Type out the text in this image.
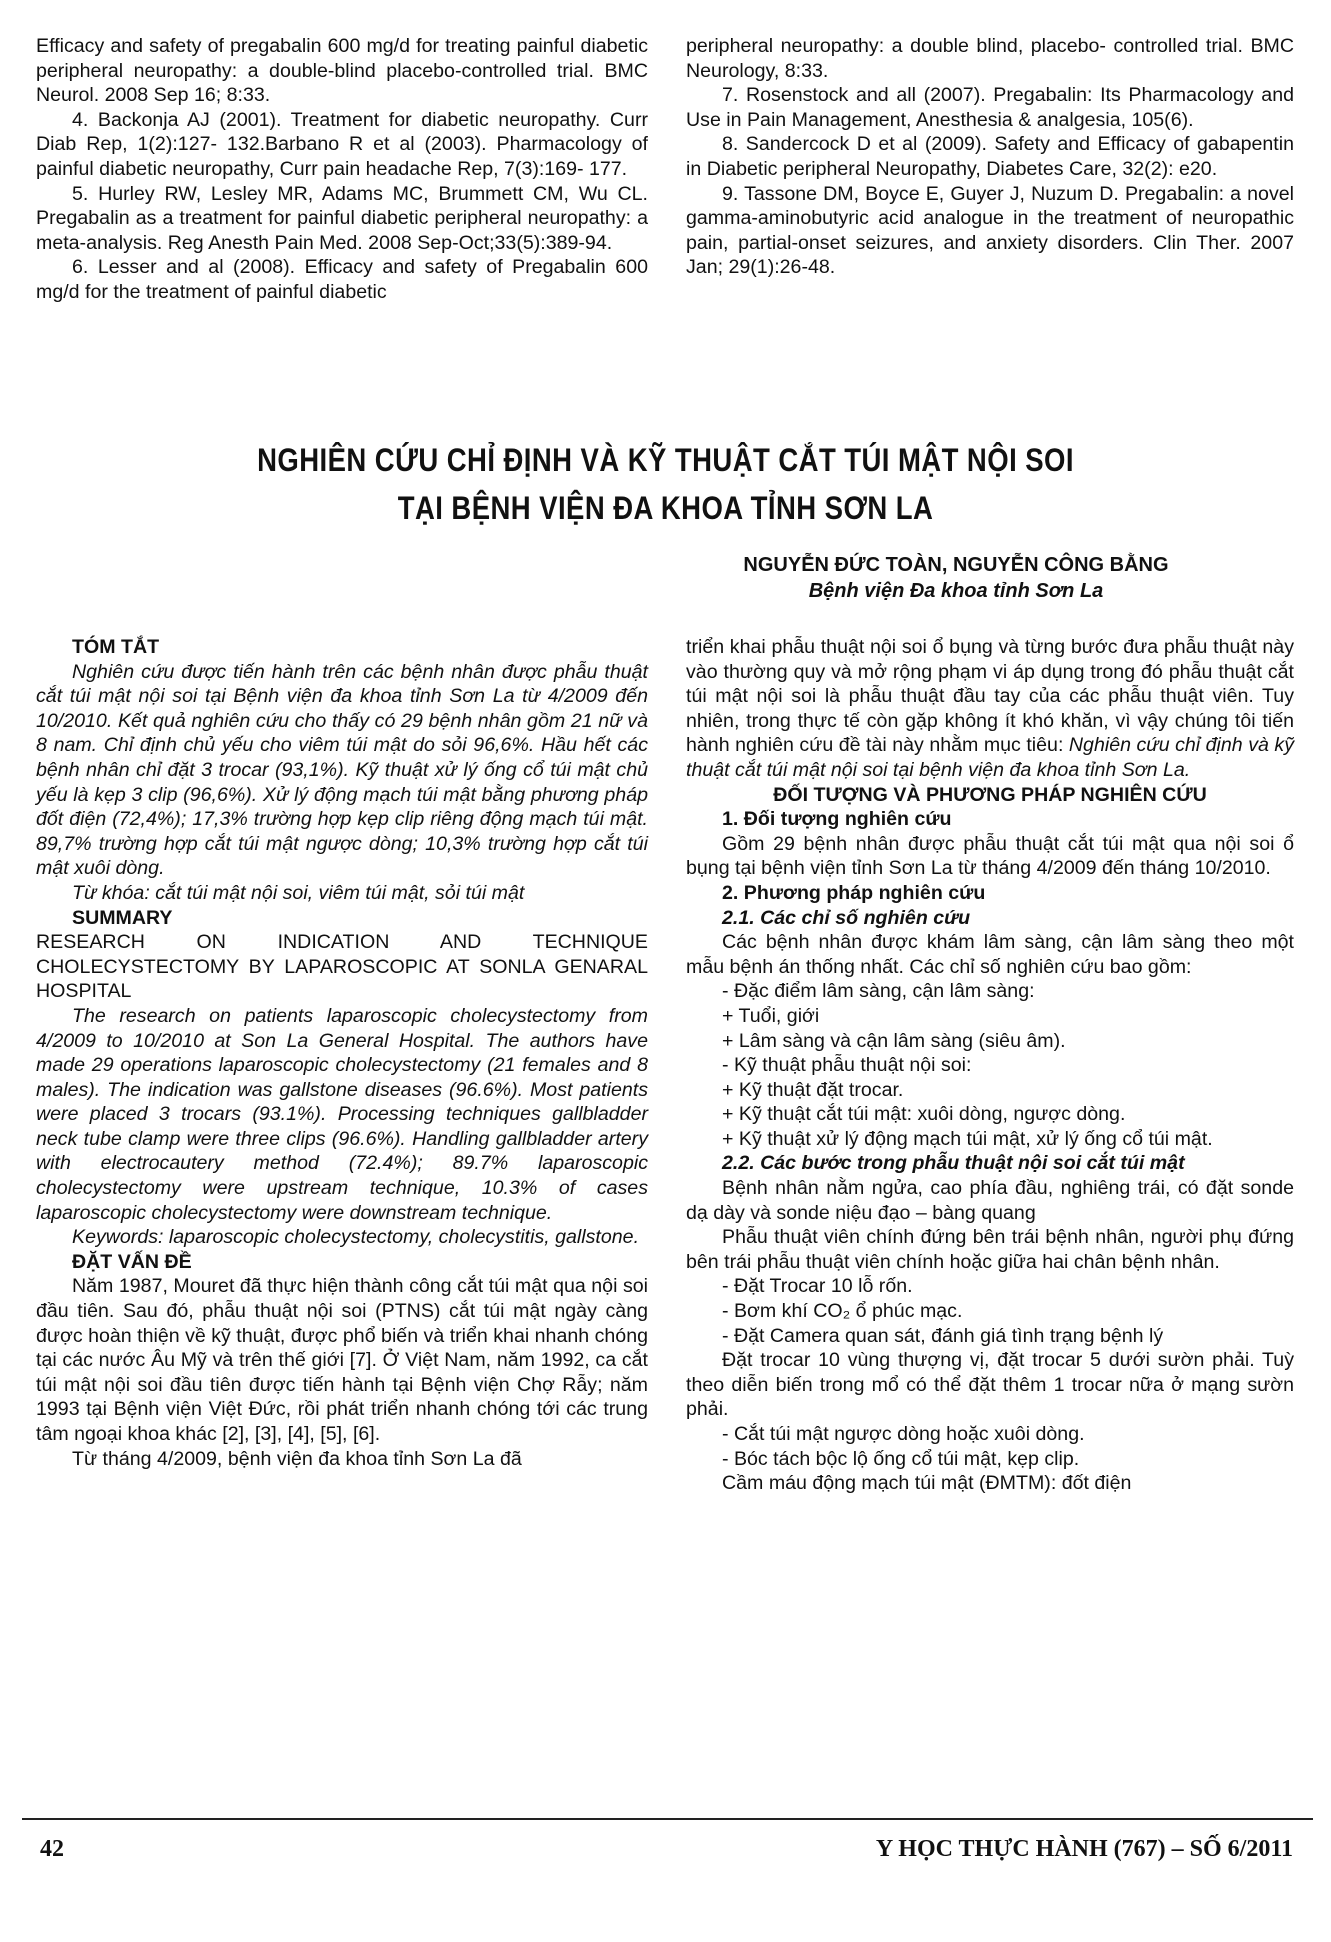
Efficacy and safety of pregabalin 600 mg/d for treating painful diabetic peripheral neuropathy: a double-blind placebo-controlled trial. BMC Neurol. 2008 Sep 16; 8:33.

4. Backonja AJ (2001). Treatment for diabetic neuropathy. Curr Diab Rep, 1(2):127- 132.Barbano R et al (2003). Pharmacology of painful diabetic neuropathy, Curr pain headache Rep, 7(3):169- 177.

5. Hurley RW, Lesley MR, Adams MC, Brummett CM, Wu CL. Pregabalin as a treatment for painful diabetic peripheral neuropathy: a meta-analysis. Reg Anesth Pain Med. 2008 Sep-Oct;33(5):389-94.

6. Lesser and al (2008). Efficacy and safety of Pregabalin 600 mg/d for the treatment of painful diabetic

peripheral neuropathy: a double blind, placebo- controlled trial. BMC Neurology, 8:33.

7. Rosenstock and all (2007). Pregabalin: Its Pharmacology and Use in Pain Management, Anesthesia & analgesia, 105(6).

8. Sandercock D et al (2009). Safety and Efficacy of gabapentin in Diabetic peripheral Neuropathy, Diabetes Care, 32(2): e20.

9. Tassone DM, Boyce E, Guyer J, Nuzum D. Pregabalin: a novel gamma-aminobutyric acid analogue in the treatment of neuropathic pain, partial-onset seizures, and anxiety disorders. Clin Ther. 2007 Jan; 29(1):26-48.

NGHIÊN CỨU CHỈ ĐỊNH VÀ KỸ THUẬT CẮT TÚI MẬT NỘI SOI
TẠI BỆNH VIỆN ĐA KHOA TỈNH SƠN LA
NGUYỄN ĐỨC TOÀN, NGUYỄN CÔNG BẰNG
Bệnh viện Đa khoa tỉnh Sơn La

TÓM TẮT

Nghiên cứu được tiến hành trên các bệnh nhân được phẫu thuật cắt túi mật nội soi tại Bệnh viện đa khoa tỉnh Sơn La từ 4/2009 đến 10/2010. Kết quả nghiên cứu cho thấy có 29 bệnh nhân gồm 21 nữ và 8 nam. Chỉ định chủ yếu cho viêm túi mật do sỏi 96,6%. Hầu hết các bệnh nhân chỉ đặt 3 trocar (93,1%). Kỹ thuật xử lý ống cổ túi mật chủ yếu là kẹp 3 clip (96,6%). Xử lý động mạch túi mật bằng phương pháp đốt điện (72,4%); 17,3% trường hợp kẹp clip riêng động mạch túi mật. 89,7% trường hợp cắt túi mật ngược dòng; 10,3% trường hợp cắt túi mật xuôi dòng.

Từ khóa: cắt túi mật nội soi, viêm túi mật, sỏi túi mật

SUMMARY

RESEARCH ON INDICATION AND TECHNIQUE CHOLECYSTECTOMY BY LAPAROSCOPIC AT SONLA GENARAL HOSPITAL

The research on patients laparoscopic cholecystectomy from 4/2009 to 10/2010 at Son La General Hospital. The authors have made 29 operations laparoscopic cholecystectomy (21 females and 8 males). The indication was gallstone diseases (96.6%). Most patients were placed 3 trocars (93.1%). Processing techniques gallbladder neck tube clamp were three clips (96.6%). Handling gallbladder artery with electrocautery method (72.4%); 89.7% laparoscopic cholecystectomy were upstream technique, 10.3% of cases laparoscopic cholecystectomy were downstream technique.

Keywords: laparoscopic cholecystectomy, cholecystitis, gallstone.

ĐẶT VẤN ĐỀ

Năm 1987, Mouret đã thực hiện thành công cắt túi mật qua nội soi đầu tiên. Sau đó, phẫu thuật nội soi (PTNS) cắt túi mật ngày càng được hoàn thiện về kỹ thuật, được phổ biến và triển khai nhanh chóng tại các nước Âu Mỹ và trên thế giới [7]. Ở Việt Nam, năm 1992, ca cắt túi mật nội soi đầu tiên được tiến hành tại Bệnh viện Chợ Rẫy; năm 1993 tại Bệnh viện Việt Đức, rồi phát triển nhanh chóng tới các trung tâm ngoại khoa khác [2], [3], [4], [5], [6].

Từ tháng 4/2009, bệnh viện đa khoa tỉnh Sơn La đã

triển khai phẫu thuật nội soi ổ bụng và từng bước đưa phẫu thuật này vào thường quy và mở rộng phạm vi áp dụng trong đó phẫu thuật cắt túi mật nội soi là phẫu thuật đầu tay của các phẫu thuật viên. Tuy nhiên, trong thực tế còn gặp không ít khó khăn, vì vậy chúng tôi tiến hành nghiên cứu đề tài này nhằm mục tiêu: Nghiên cứu chỉ định và kỹ thuật cắt túi mật nội soi tại bệnh viện đa khoa tỉnh Sơn La.

ĐỐI TƯỢNG VÀ PHƯƠNG PHÁP NGHIÊN CỨU

1. Đối tượng nghiên cứu

Gồm 29 bệnh nhân được phẫu thuật cắt túi mật qua nội soi ổ bụng tại bệnh viện tỉnh Sơn La từ tháng 4/2009 đến tháng 10/2010.

2. Phương pháp nghiên cứu

2.1. Các chỉ số nghiên cứu

Các bệnh nhân được khám lâm sàng, cận lâm sàng theo một mẫu bệnh án thống nhất. Các chỉ số nghiên cứu bao gồm:

- Đặc điểm lâm sàng, cận lâm sàng:

+ Tuổi, giới

+ Lâm sàng và cận lâm sàng (siêu âm).

- Kỹ thuật phẫu thuật nội soi:

+ Kỹ thuật đặt trocar.

+ Kỹ thuật cắt túi mật: xuôi dòng, ngược dòng.

+ Kỹ thuật xử lý động mạch túi mật, xử lý ống cổ túi mật.

2.2. Các bước trong phẫu thuật nội soi cắt túi mật

Bệnh nhân nằm ngửa, cao phía đầu, nghiêng trái, có đặt sonde dạ dày và sonde niệu đạo – bàng quang

Phẫu thuật viên chính đứng bên trái bệnh nhân, người phụ đứng bên trái phẫu thuật viên chính hoặc giữa hai chân bệnh nhân.

- Đặt Trocar 10 lỗ rốn.

- Bơm khí CO₂ ổ phúc mạc.

- Đặt Camera quan sát, đánh giá tình trạng bệnh lý

Đặt trocar 10 vùng thượng vị, đặt trocar 5 dưới sườn phải. Tuỳ theo diễn biến trong mổ có thể đặt thêm 1 trocar nữa ở mạng sườn phải.

- Cắt túi mật ngược dòng hoặc xuôi dòng.

- Bóc tách bộc lộ ống cổ túi mật, kẹp clip.

Cầm máu động mạch túi mật (ĐMTM): đốt điện

42	Y HỌC THỰC HÀNH (767) – SỐ 6/2011
